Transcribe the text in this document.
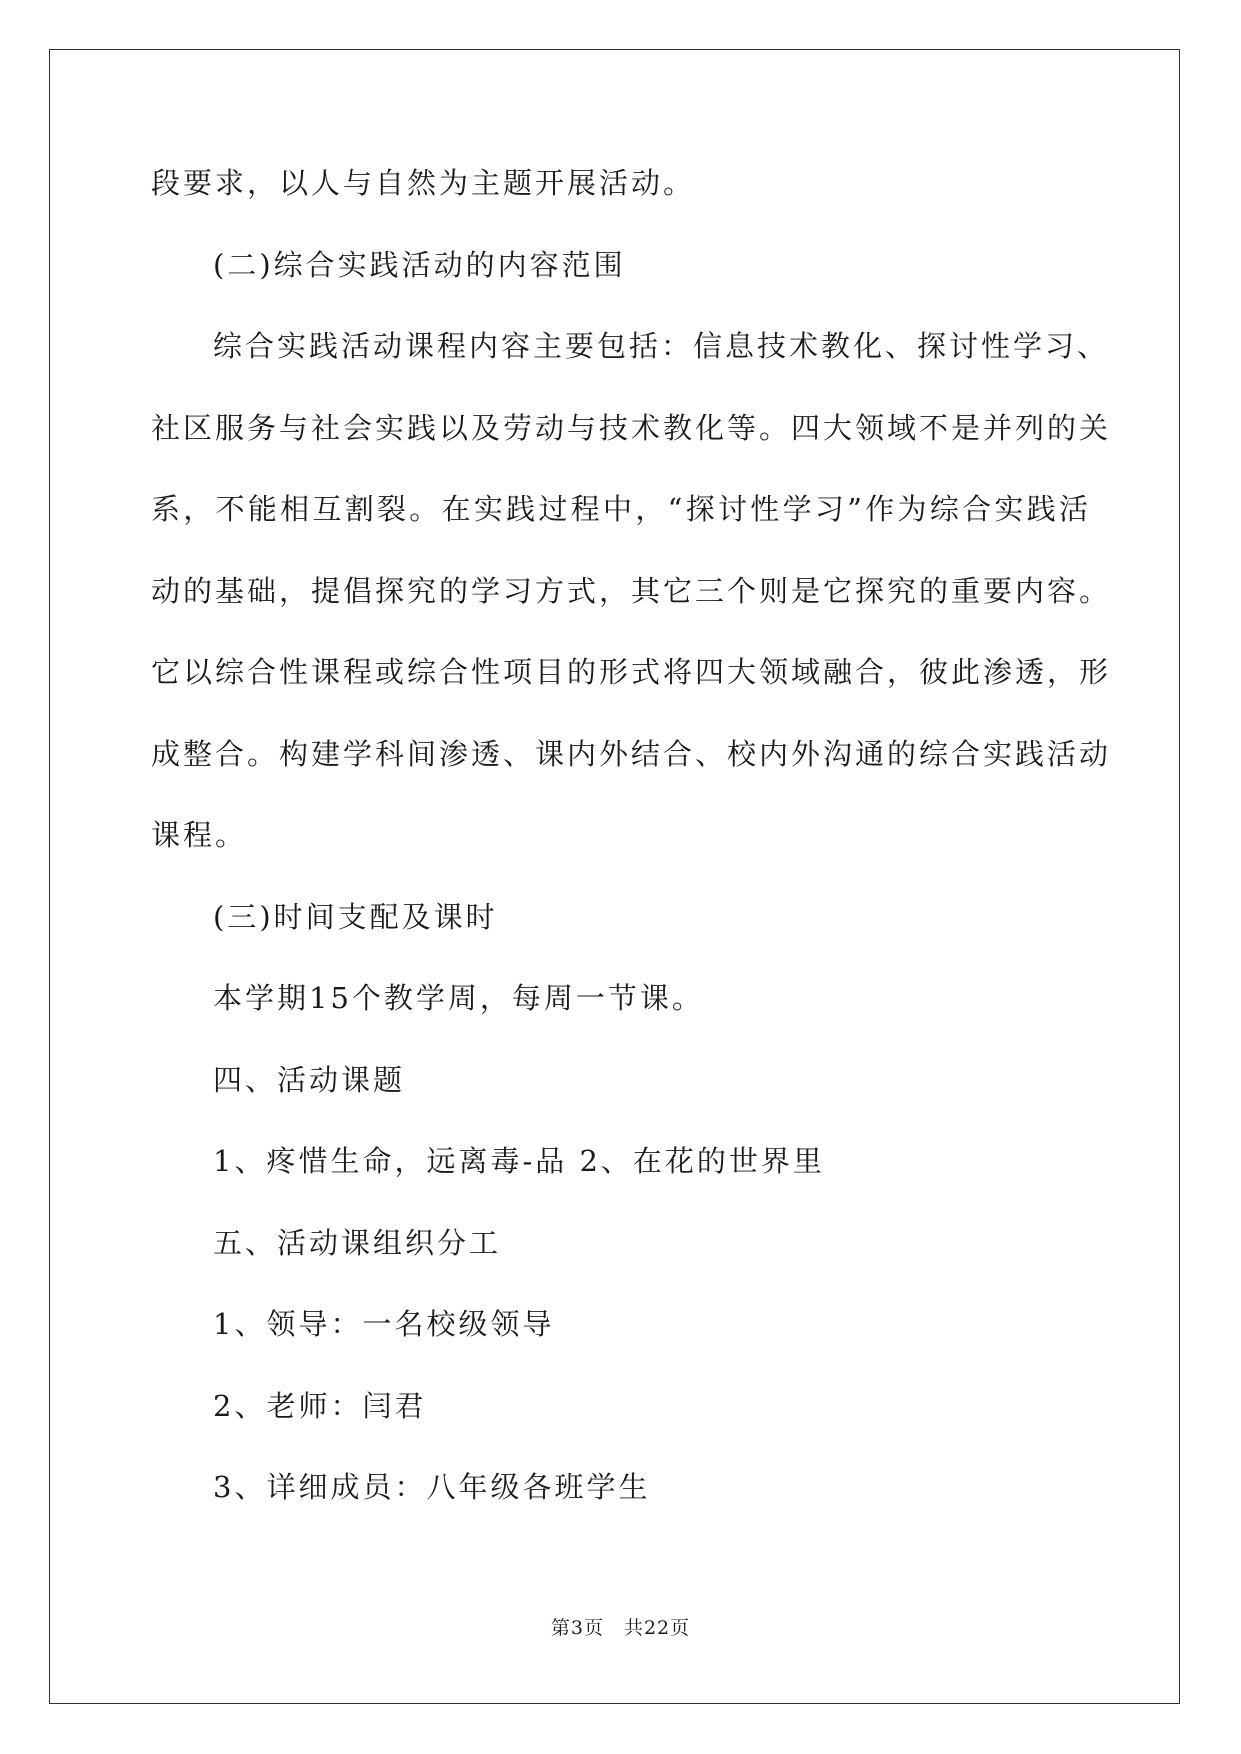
段要求，以人与自然为主题开展活动。
(二)综合实践活动的内容范围
综合实践活动课程内容主要包括：信息技术教化、探讨性学习、
社区服务与社会实践以及劳动与技术教化等。四大领域不是并列的关
系，不能相互割裂。在实践过程中，“探讨性学习”作为综合实践活
动的基础，提倡探究的学习方式，其它三个则是它探究的重要内容。
它以综合性课程或综合性项目的形式将四大领域融合，彼此渗透，形
成整合。构建学科间渗透、课内外结合、校内外沟通的综合实践活动
课程。
(三)时间支配及课时
本学期15个教学周，每周一节课。
四、活动课题
1、疼惜生命，远离毒-品 2、在花的世界里
五、活动课组织分工
1、领导：一名校级领导
2、老师：闫君
3、详细成员：八年级各班学生
第3页 共22页
